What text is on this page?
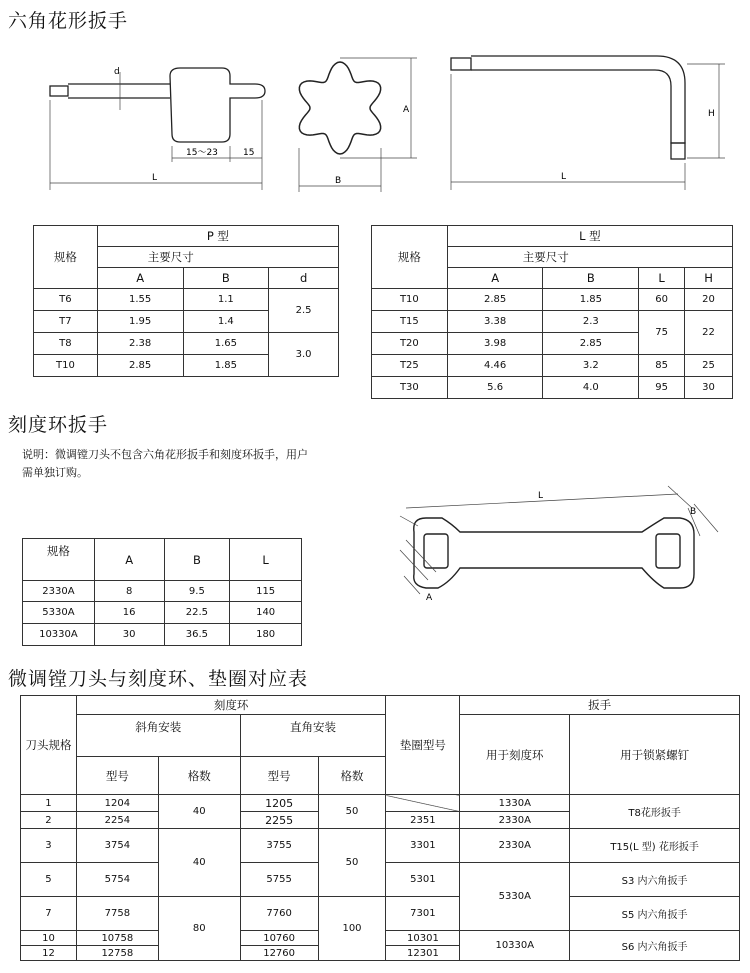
六角花形扳手
刻度环扳手
微调镗刀头与刻度环、垫圈对应表
d
15～23	15
L
A
B
H
L
规格	P 型		
	主要尺寸		
	A	B	d
T6	1.55	1.1	2.5
T7	1.95	1.4	
T8	2.38	1.65	3.0
T10	2.85	1.85	
规格	L 型			
	主要尺寸			
	A	B	L	H
T10	2.85	1.85	60	20
T15	3.38	2.3	75	22
T20	3.98	2.85		
T25	4.46	3.2	85	25
T30	5.6	4.0	95	30
说明：微调镗刀头不包含六角花形扳手和刻度环扳手，用户
需单独订购。
L
B
A
规格	A	B	L
2330A	8	9.5	115
5330A	16	22.5	140
10330A	30	36.5	180
刀头规格	刻度环				垫圈型号	扳手	
	斜角安装		直角安装			用于刻度环	用于锁紧螺钉
	型号	格数	型号	格数			
1	1204	40	1205	50		1330A	T8花形扳手
2	2254		2255		2351	2330A	
3	3754	40	3755	50	3301	2330A	T15(L 型) 花形扳手
5	5754		5755		5301	5330A	S3 内六角扳手
7	7758	80	7760	100	7301		S5 内六角扳手
10	10758		10760		10301	10330A	S6 内六角扳手
12	12758		12760		12301		
